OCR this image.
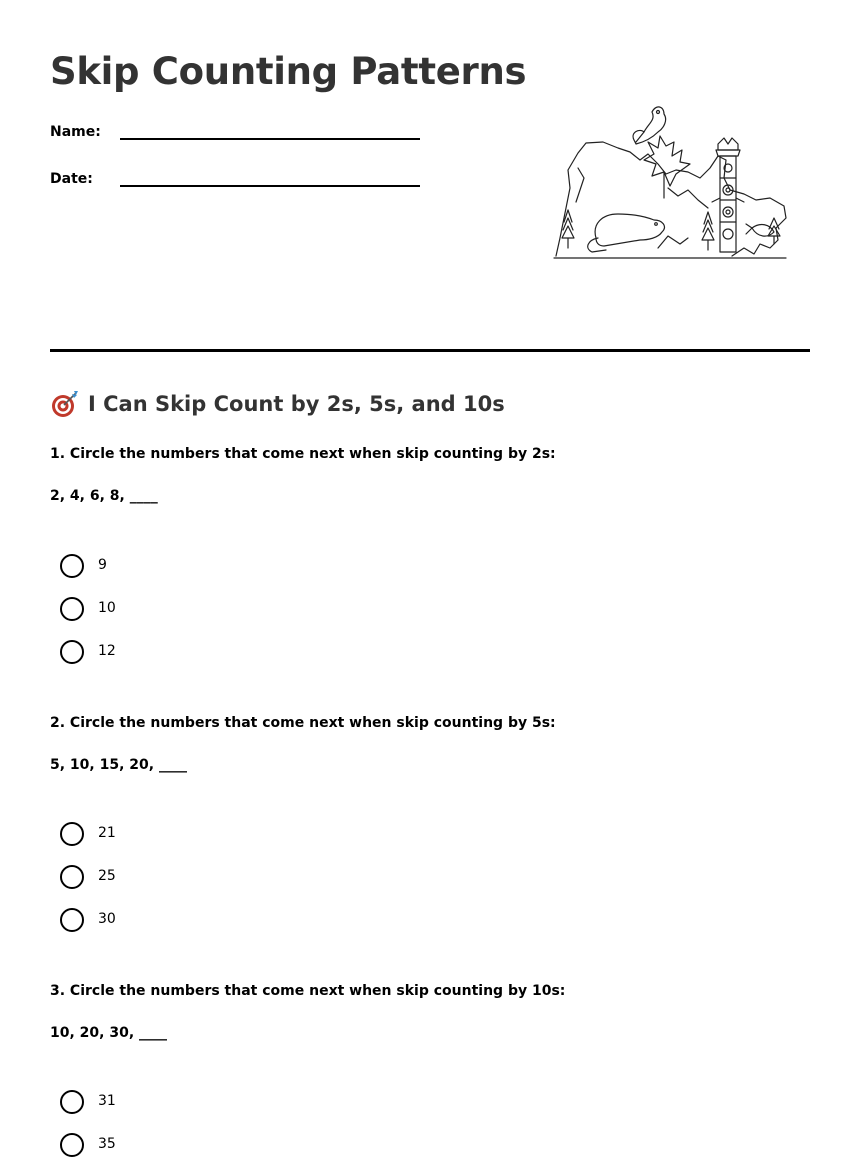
Skip Counting Patterns
Name:
Date:
I Can Skip Count by 2s, 5s, and 10s
1. Circle the numbers that come next when skip counting by 2s:
2, 4, 6, 8, ____
9
10
12
2. Circle the numbers that come next when skip counting by 5s:
5, 10, 15, 20, ____
21
25
30
3. Circle the numbers that come next when skip counting by 10s:
10, 20, 30, ____
31
35
